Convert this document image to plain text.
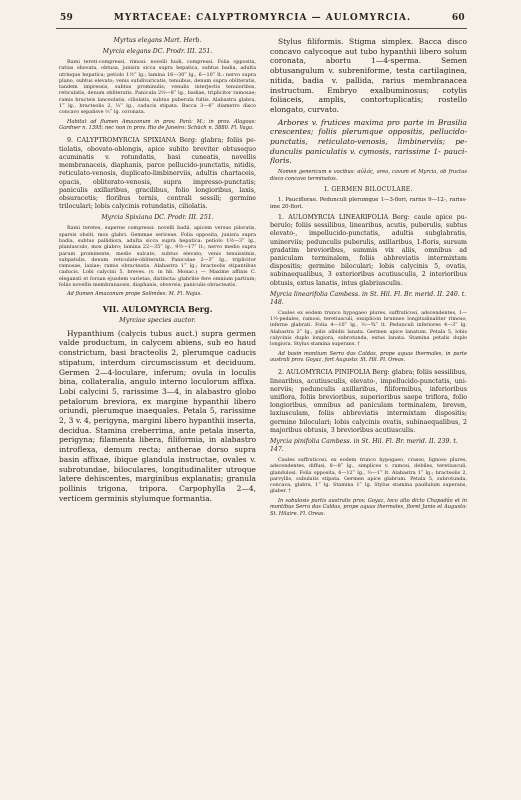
59	MYRTACEAE: CALYPTROMYRCIA — AULOMYRCIA.	60

Myrtus elegans Mart. Herb.

Myrcia elegans DC. Prodr. III. 251.

Rami tereti-compressi, rimosi: novelli hudi, compressi. Folia opposita, ratius obovata, obtusa, junisra sicca supra hepatica, subtus badia, adulta utrinque hepatica; petiolo 1½‴ lg.; lamina 16—30‴ lg., 6—10‴ lt.: nervo supra plano, subtus elevato; venis subdivaricatis, tenuibus, denum supra obliteratis, tandem impressis, subtus prominulis; venulis interjectis tenuioribus, reticulatis, denum obliteratis. Panicula 2½—8‴ lg., badiae, triplicitor ramosae; ramis bracteis lanceolatis, ciliolatis, subtus puberula fultis. Alabastra glabra, 1‴ lg., bracteolis 2, ⅓‴ lg., caducis stipata. Bacca 3—4‴ diametro disco concavo sepalisve ⅓‴ lg. coronata.

Habitat ad flumen Amazonum in prov. Pará: M.; in prov. Alagoas: Gardner n. 1395; nec non in prov. Rio de Janeiro: Schüch n. 5880. Fl. Vaga.

9. CALYPTROMYRCIA SPIXIANA Berg: glabra; foliis petiolatis, obovato-oblongis, apice subito breviter obtusequo acuminatis v. rotundatis, basi cuneatis, novellis membranaceis, diaphanis, parce pellucido-punctatis, nitidis, reticulato-venosis, duplicato-limbinerviis, adultis chartaceis, opacis, obliterato-venosis, supra impresso-punctatis; paniculis axillaribus, gracilibus, folio longioribus, laxis, obsuracetis; floribus ternis, centrali sessili; germine triloculari; lobis calycinis rotundatis, ciliolatis.

Myrcia Spixiana DC. Prodr. III. 251.

Rami teretes, superne compressi: novelli badii, apicem versus piloratis, sparsis obsiti, mox glabri. Gemmae sericeae. Folia opposita, junisra supra badia, subtus pallidiora, adulta sicca supra hepatica: petiolo 1½—3‴ lg., planiusculo, mox glabro; lamina 22—35‴ lg., 9½—17‴ lt.; nervo medio supra parum prominente, medio sulcato, subtus elevato; venis tenuissimis, subpatulis, denum reticulate-obliteratis. Paniculae 2—3‴ lg., triplicitor ramosae, laxiae; ramis obracteatis. Alabastra 1‴ lg.; bracteolis stipantibus caducis. Lobi calycini 5, breves. (v. in hb. Monac.) — Maxime affinis C. elegansti et forsan ejusdem varietas, dixtincta: glabritie fere omnium partium; foliis novellis membranaceis, diaphanis, obversis; paniculis obracteatis.

Ad flumen Amazonum prope Solimões: M. Fl. Najas.

VII. AULOMYRCIA Berg.

Myrciae species auctor.

Hypanthium (calycis tubus auct.) supra germen valde productum, in calycem abiens, sub eo haud constrictum, basi bracteolis 2, plerumque caducis stipatum, interdum circumscissum et deciduum. Germen 2—4-loculare, inferum; ovula in loculis bina, collateralia, angulo interno loculorum affixa. Lobi calycini 5, rarissime 3—4, in alabastro globo petalorum breviora, ex margine hypanthii libero oriundi, plerumque inaequales. Petala 5, rarissime 2, 3 v. 4, perigyna, margini libero hypanthii inserta, decidua. Stamina creberrima, ante petala inserta, perigyna; filamenta libera, filiformia, in alabastro introflexa, demum recta; antherae dorso supra basin affixae, ibique glandula instructae, ovales v. subrotundae, biloculares, longitudinaliter utroque latere dehiscentes, marginibus explanatis; granula pollinis trigona, tripora. Carpophylla 2—4, verticem germinis stylumque formantia.

Stylus filiformis. Stigma simplex. Bacca disco concavo calycoque aut tubo hypanthii libero solum coronata, abortu 1—4-sperma. Semen obtusangulum v. subreniforme, testa cartilaginea, nitida, badia v. pallida, rarius membranacea instructum. Embryo exalbuminosus; cotylis foliaceis, amplis, contortuplicatis; rostello elongato, curvato.

Arbores v. frutices maxima pro parte in Brasilia crescentes; foliis plerumque oppositis, pellucido-punctatis, reticulato-venosis, limbinerviis; pedunculis paniculatis v. cymosis, rarissime 1- paucifloris.

Nomen genericum e vocibus: αὐλός, area, cavum et Myrcia, ob fructus disco concavo terminatos.

I. GERMEN BILOCULARE.

1. Pauciflorae. Pedunculi plerumque 1—3-flori, rarius 9—12-, rarissime 20-flori.

1. AULOMYRCIA LINEARIFOLIA Berg: caule apice puberulo; foliis sessilibus, linearibus, acutis, puberulis, subtus elevato-, impellucido-punctatis, adultis subglabratis, uninerviis; pedunculis puberulis, axillaribus, 1-floris, sursum gradatim brevioribus, summis vix aliis, omnibus ad paniculam terminalem, foliis abbreviatis intermixtam dispositis; germine biloculari; lobis calycinis 5, ovatis, subinaequalibus, 3 exterioribus acutiusculis, 2 interioribus obtusis, extus lanatis, intus glabriusculis.

Myrcia linearifolia Cambess. in St. Hil. Fl. Br. merid. II. 240. t. 148.

Caules ex eodem trunco hypogaeo plures, suffruticosi, adscendentes, 1—1½-pedales, ramosi, teretiusculi, exsiplicon brunneo longitudinaliter rimoso, inferne glabrati. Folia 4—10‴ lg., ⅓—¾‴ lt. Pedunculi inferiores 4—3‴ lg. Alabastra 2‴ lg., pilis albidis lanata. Germen apice lanatum. Petala 5, lobis calycinis duplo longiora, subrotunda, extus lanata. Stamina petalis duplo longiora. Stylus stamina superans. †

Ad basin montium Serra das Caldas, prope aquas thermales, in parte australi prov. Goyaz, fort Augusto: St. Hil. Pl. Oreas.

2. AULOMYRCIA PINIFOLIA Berg: glabra; foliis sessilibus, linearibus, acutiusculis, elevato-, impellucido-punctatis, uninerviis; pedunculis axillaribus, filiformibus, inferioribus uniflora, foliis brevioribus, superioribus saepe triflora, folio longioribus, omnibus ad paniculam terminalem, breven, laxiusculam, foliis abbreviatis intermixtam dispositis; germine biloculari; lobis calycinis ovatis, subinaequalibus, 2 majoribus obtusis, 3 brevioribus acutiusculis.

Myrcia pinifolia Cambess. in St. Hil. Fl. Br. merid. II. 239. t. 147.

Caules suffruticosi, ex eodem trunco hypogaeo, crasso, lignoso plures, adscendentes, diffusi, 8—8‴ lg., simplices v. ramosi, debiles, teretiusculi, glandulosi. Folia opposita, 6—12‴ lg., ⅓—1‴ lt. Alabastra 1‴ lg.; bracteolis 2, parvyllis, subulatis stipata. Germen apice glabrum. Petala 5, subrotunda, concava, glabra, 1‴ lg. Stamina 1‴ lg. Stylus stamina paullulum superans, glaber. †

In sabulosis partis australis prov. Goyaz, loco alto dicto Chapadão et in montibus Serra das Caldas, prope aquas thermales, floret Junio et Augusto: St. Hilaire. Fl. Oreas.
